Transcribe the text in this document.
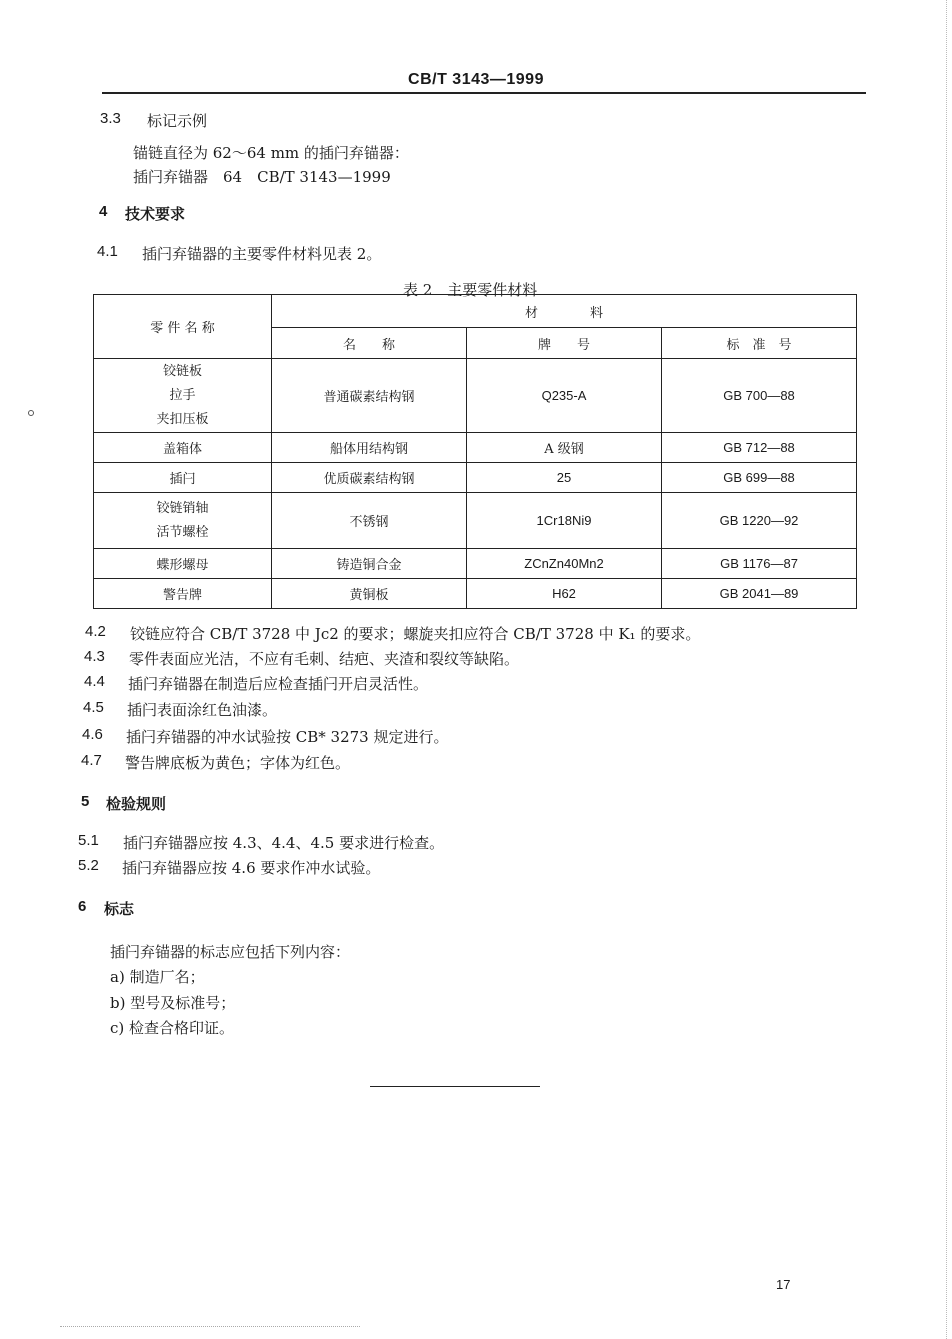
CB/T 3143—1999
3.3 标记示例
锚链直径为 62～64 mm 的插闩弃锚器：
插闩弃锚器　64　CB/T 3143—1999
4 技术要求
4.1 插闩弃锚器的主要零件材料见表 2。
表 2　主要零件材料
零 件 名 称	材　　　　料		
	名　　称	牌　　号	标　准　号

铰链板
拉手
夹扣压板	普通碳素结构钢	Q235-A	GB 700—88
盖箱体	船体用结构钢	A 级钢	GB 712—88
插闩	优质碳素结构钢	25	GB 699—88

铰链销轴
活节螺栓	不锈钢	1Cr18Ni9	GB 1220—92
蝶形螺母	铸造铜合金	ZCnZn40Mn2	GB 1176—87
警告牌	黄铜板	H62	GB 2041—89
4.2 铰链应符合 CB/T 3728 中 Jc2 的要求；螺旋夹扣应符合 CB/T 3728 中 K₁ 的要求。
4.3 零件表面应光洁，不应有毛刺、结疤、夹渣和裂纹等缺陷。
4.4 插闩弃锚器在制造后应检查插闩开启灵活性。
4.5 插闩表面涂红色油漆。
4.6 插闩弃锚器的冲水试验按 CB* 3273 规定进行。
4.7 警告牌底板为黄色；字体为红色。
5 检验规则
5.1 插闩弃锚器应按 4.3、4.4、4.5 要求进行检查。
5.2 插闩弃锚器应按 4.6 要求作冲水试验。
6 标志
插闩弃锚器的标志应包括下列内容：
a) 制造厂名；
b) 型号及标准号；
c) 检查合格印证。
17
